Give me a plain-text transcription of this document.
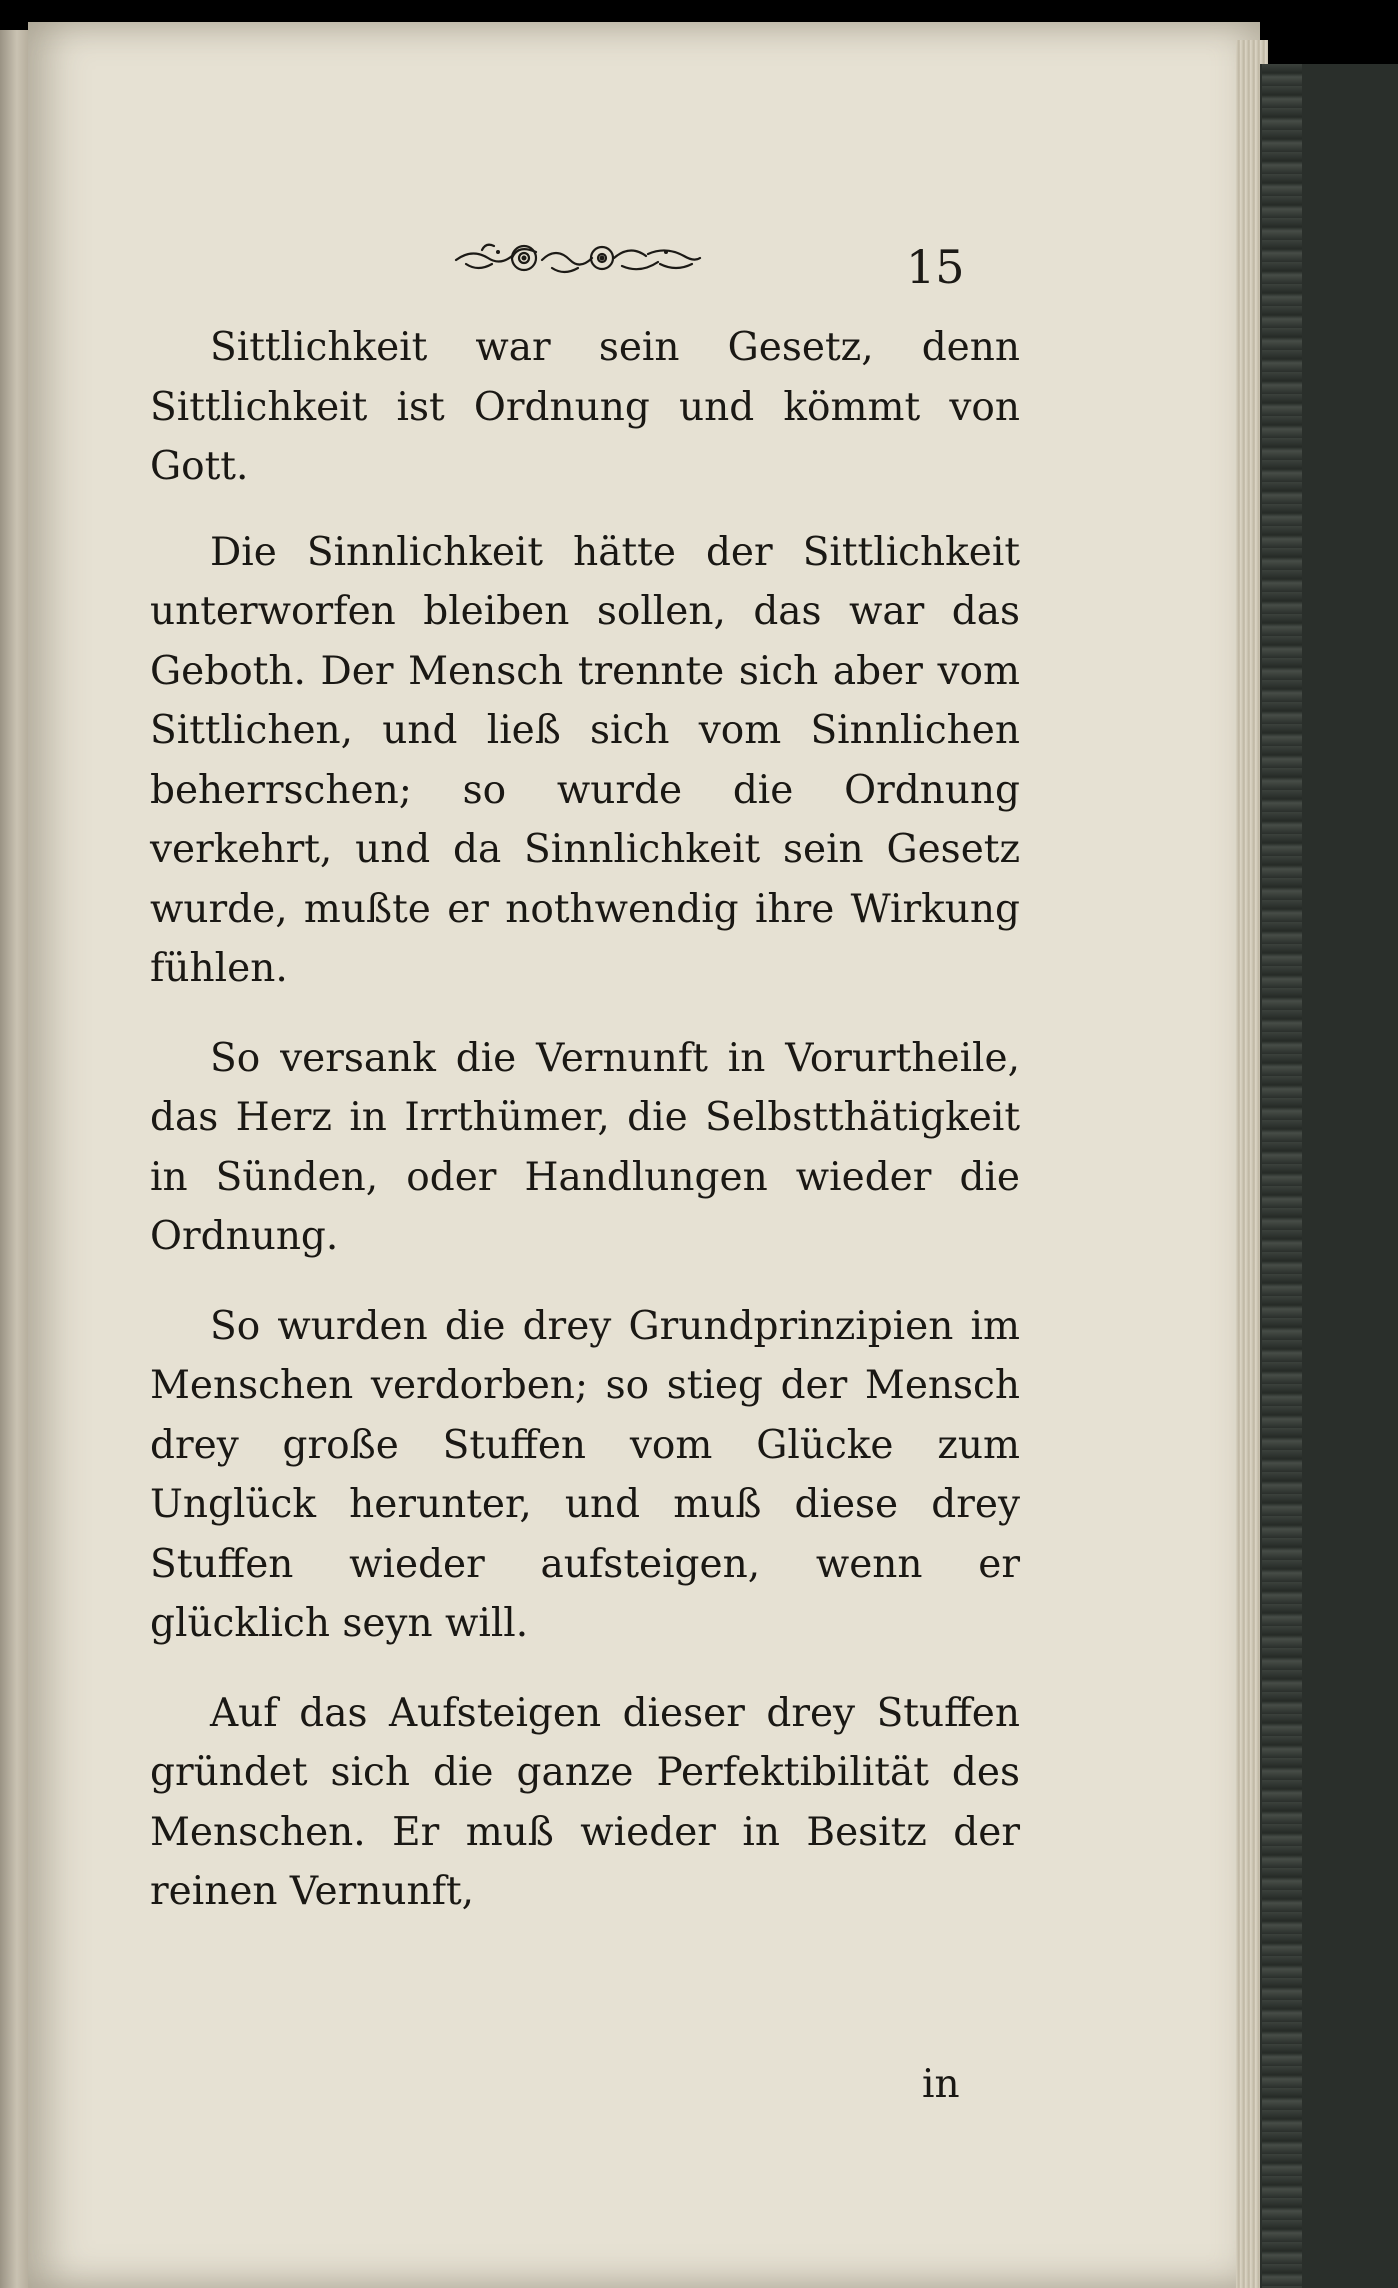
15

Sittlichkeit war sein Gesetz, denn Sittlichkeit ist Ordnung und kömmt von Gott.

Die Sinnlichkeit hätte der Sittlichkeit unterworfen bleiben sollen, das war das Geboth. Der Mensch trennte sich aber vom Sittlichen, und ließ sich vom Sinnlichen beherrschen; so wurde die Ordnung verkehrt, und da Sinnlichkeit sein Gesetz wurde, mußte er nothwendig ihre Wirkung fühlen.

So versank die Vernunft in Vorurtheile, das Herz in Irrthümer, die Selbstthätigkeit in Sünden, oder Handlungen wieder die Ordnung.

So wurden die drey Grundprinzipien im Menschen verdorben; so stieg der Mensch drey große Stuffen vom Glücke zum Unglück herunter, und muß diese drey Stuffen wieder aufsteigen, wenn er glücklich seyn will.

Auf das Aufsteigen dieser drey Stuffen gründet sich die ganze Perfektibilität des Menschen. Er muß wieder in Besitz der reinen Vernunft,

in
